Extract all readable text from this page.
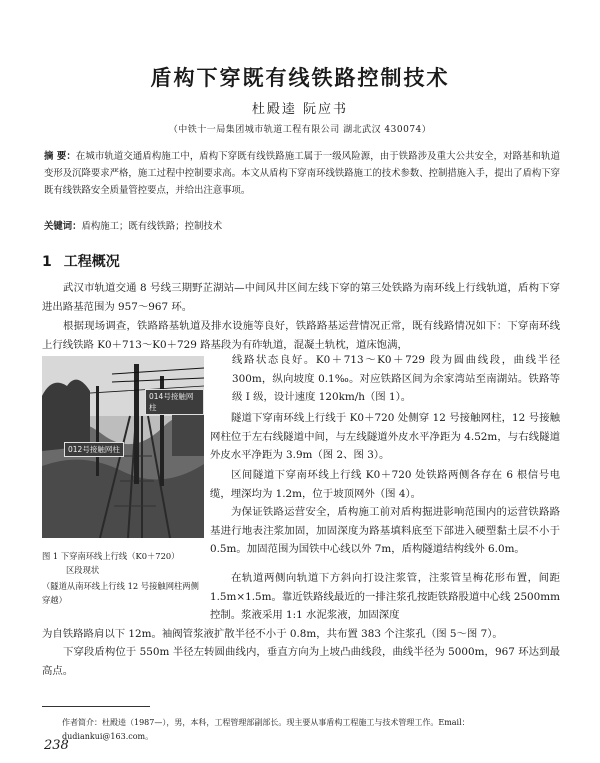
盾构下穿既有线铁路控制技术
杜殿逵 阮应书
（中铁十一局集团城市轨道工程有限公司 湖北武汉 430074）
摘 要：在城市轨道交通盾构施工中，盾构下穿既有线铁路施工属于一级风险源，由于铁路涉及重大公共安全，对路基和轨道变形及沉降要求严格，施工过程中控制要求高。本文从盾构下穿南环线铁路施工的技术参数、控制措施入手，提出了盾构下穿既有线铁路安全质量管控要点，并给出注意事项。
关键词：盾构施工；既有线铁路；控制技术
1 工程概况

武汉市轨道交通 8 号线三期野芷湖站—中间风井区间左线下穿的第三处铁路为南环线上行线轨道，盾构下穿进出路基范围为 957～967 环。

根据现场调查，铁路路基轨道及排水设施等良好，铁路路基运营情况正常，既有线路情况如下：下穿南环线上行线铁路 K0＋713～K0＋729 路基段为有砟轨道，混凝土轨枕，道床饱满，

线路状态良好。K0＋713～K0＋729 段为圆曲线段，曲线半径 300m，纵向坡度 0.1‰。对应铁路区间为余家湾站至南湖站。铁路等级 I 级，设计速度 120km/h（图 1）。

隧道下穿南环线上行线于 K0＋720 处侧穿 12 号接触网柱，12 号接触网柱位于左右线隧道中间，与左线隧道外皮水平净距为 4.52m，与右线隧道外皮水平净距为 3.9m（图 2、图 3）。

区间隧道下穿南环线上行线 K0＋720 处铁路两侧各存在 6 根信号电缆，埋深均为 1.2m，位于坡顶网外（图 4）。

为保证铁路运营安全，盾构施工前对盾构掘进影响范围内的运营铁路路基进行地表注浆加固，加固深度为路基填料底至下部进入硬塑黏土层不小于 0.5m。加固范围为国铁中心线以外 7m，盾构隧道结构线外 6.0m。

在轨道两侧向轨道下方斜向打设注浆管，注浆管呈梅花形布置，间距 1.5m×1.5m。靠近铁路线最近的一排注浆孔按距铁路股道中心线 2500mm 控制。浆液采用 1:1 水泥浆液，加固深度

为自铁路路肩以下 12m。袖阀管浆液扩散半径不小于 0.8m，共布置 383 个注浆孔（图 5～图 7）。

下穿段盾构位于 550m 半径左转圆曲线内，垂直方向为上坡凸曲线段，曲线半径为 5000m，967 环达到最高点。

014号接触网柱
012号接触网柱
图 1 下穿南环线上行线（K0＋720）
区段现状
（隧道从南环线上行线 12 号接触网柱两侧穿越）
作者简介：杜殿逵（1987—），男，本科，工程管理部副部长。现主要从事盾构工程施工与技术管理工作。Email：dudiankui@163.com。
238
